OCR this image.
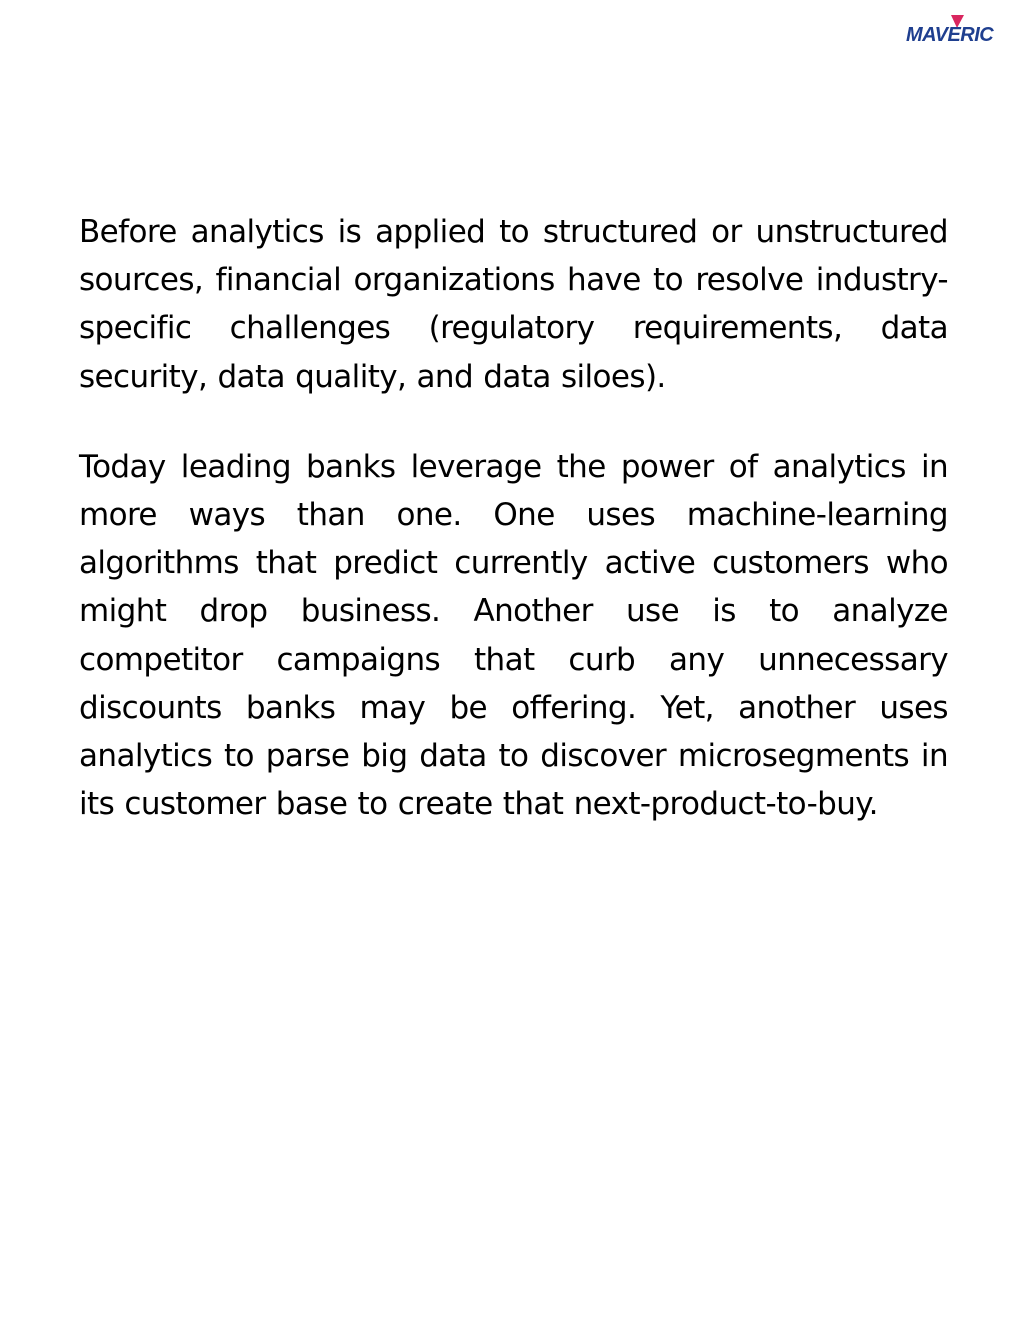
MAVERIC

Before analytics is applied to structured or unstructured sources, financial organizations have to resolve industry-specific challenges (regulatory requirements, data security, data quality, and data siloes).

Today leading banks leverage the power of analytics in more ways than one. One uses machine-learning algorithms that predict currently active customers who might drop business. Another use is to analyze competitor campaigns that curb any unnecessary discounts banks may be offering. Yet, another uses analytics to parse big data to discover microsegments in its customer base to create that next-product-to-buy.
